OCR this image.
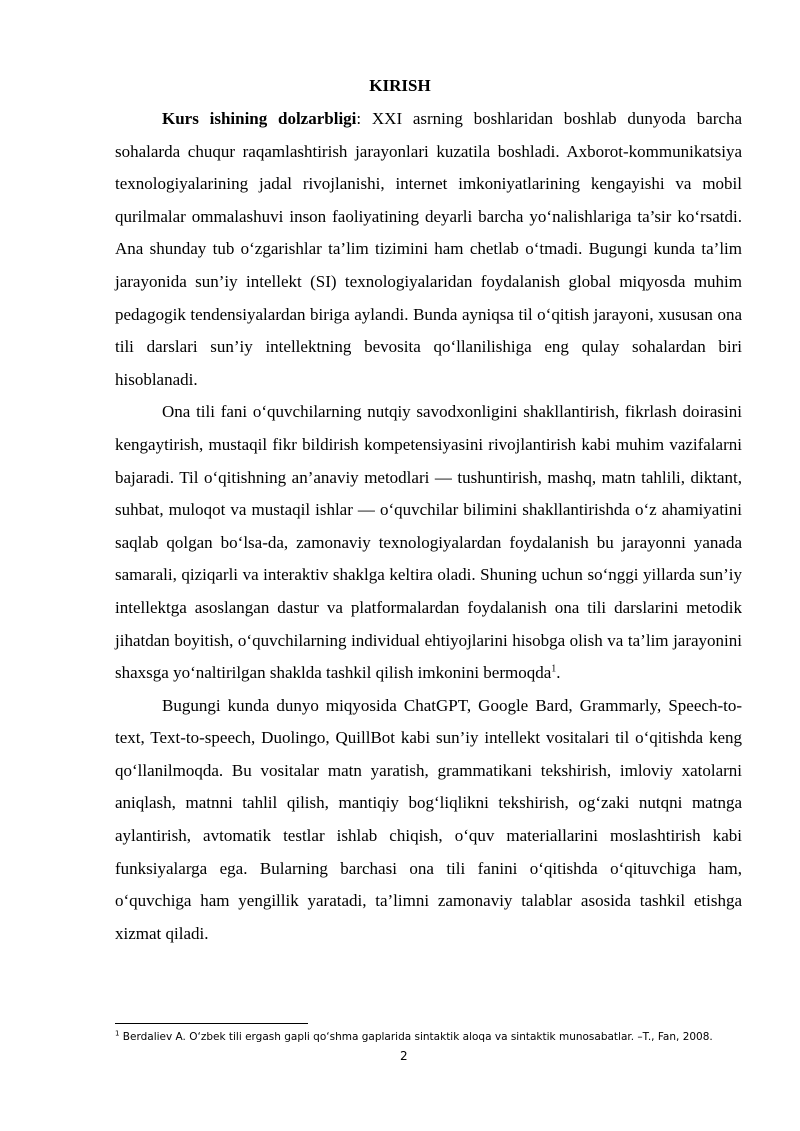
KIRISH

Kurs ishining dolzarbligi: XXI asrning boshlaridan boshlab dunyoda barcha sohalarda chuqur raqamlashtirish jarayonlari kuzatila boshladi. Axborot-kommunikatsiya texnologiyalarining jadal rivojlanishi, internet imkoniyatlarining kengayishi va mobil qurilmalar ommalashuvi inson faoliyatining deyarli barcha yo‘nalishlariga ta’sir ko‘rsatdi. Ana shunday tub o‘zgarishlar ta’lim tizimini ham chetlab o‘tmadi. Bugungi kunda ta’lim jarayonida sun’iy intellekt (SI) texnologiyalaridan foydalanish global miqyosda muhim pedagogik tendensiyalardan biriga aylandi. Bunda ayniqsa til o‘qitish jarayoni, xususan ona tili darslari sun’iy intellektning bevosita qo‘llanilishiga eng qulay sohalardan biri hisoblanadi.

Ona tili fani o‘quvchilarning nutqiy savodxonligini shakllantirish, fikrlash doirasini kengaytirish, mustaqil fikr bildirish kompetensiyasini rivojlantirish kabi muhim vazifalarni bajaradi. Til o‘qitishning an’anaviy metodlari — tushuntirish, mashq, matn tahlili, diktant, suhbat, muloqot va mustaqil ishlar — o‘quvchilar bilimini shakllantirishda o‘z ahamiyatini saqlab qolgan bo‘lsa-da, zamonaviy texnologiyalardan foydalanish bu jarayonni yanada samarali, qiziqarli va interaktiv shaklga keltira oladi. Shuning uchun so‘nggi yillarda sun’iy intellektga asoslangan dastur va platformalardan foydalanish ona tili darslarini metodik jihatdan boyitish, o‘quvchilarning individual ehtiyojlarini hisobga olish va ta’lim jarayonini shaxsga yo‘naltirilgan shaklda tashkil qilish imkonini bermoqda$^1$.

Bugungi kunda dunyo miqyosida ChatGPT, Google Bard, Grammarly, Speech-to-text, Text-to-speech, Duolingo, QuillBot kabi sun’iy intellekt vositalari til o‘qitishda keng qo‘llanilmoqda. Bu vositalar matn yaratish, grammatikani tekshirish, imloviy xatolarni aniqlash, matnni tahlil qilish, mantiqiy bog‘liqlikni tekshirish, og‘zaki nutqni matnga aylantirish, avtomatik testlar ishlab chiqish, o‘quv materiallarini moslashtirish kabi funksiyalarga ega. Bularning barchasi ona tili fanini o‘qitishda o‘qituvchiga ham, o‘quvchiga ham yengillik yaratadi, ta’limni zamonaviy talablar asosida tashkil etishga xizmat qiladi.

$^1$ Berdaliev A. O‘zbek tili ergash gapli qo‘shma gaplarida sintaktik aloqa va sintaktik munosabatlar. –T., Fan, 2008.
2
